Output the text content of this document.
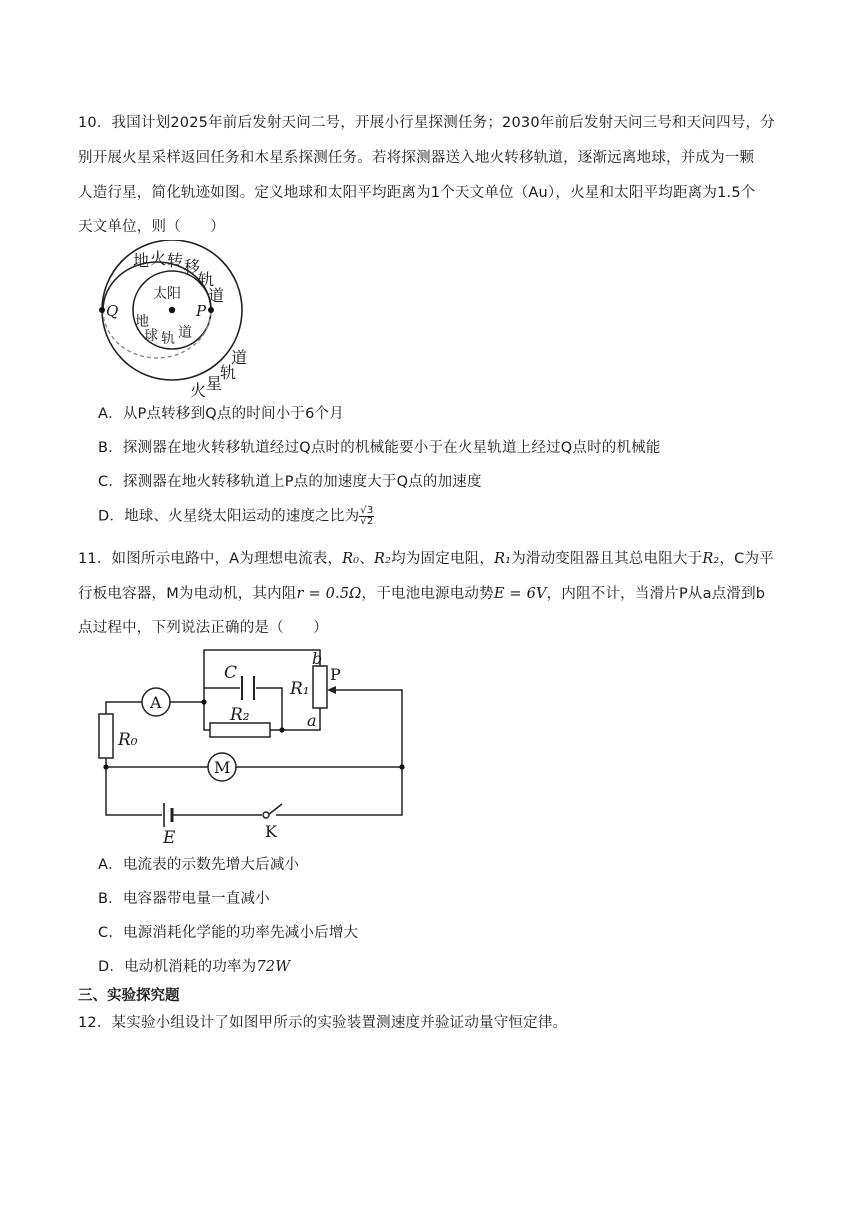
10．我国计划2025年前后发射天问二号，开展小行星探测任务；2030年前后发射天问三号和天问四号，分
别开展火星采样返回任务和木星系探测任务。若将探测器送入地火转移轨道，逐渐远离地球，并成为一颗
人造行星，简化轨迹如图。定义地球和太阳平均距离为1个天文单位（Au），火星和太阳平均距离为1.5个
天文单位，则（　　）
Q	P
太阳
地 火 转 移
轨
道
地
球 轨 道
道
轨
星
火
A．从P点转移到Q点的时间小于6个月
B．探测器在地火转移轨道经过Q点时的机械能要小于在火星轨道上经过Q点时的机械能
C．探测器在地火转移轨道上P点的加速度大于Q点的加速度
D．地球、火星绕太阳运动的速度之比为 $\frac{√3}{√2}$
11．如图所示电路中，A为理想电流表，R₀、R₂均为固定电阻，R₁为滑动变阻器且其总电阻大于R₂，C为平
行板电容器，M为电动机，其内阻r = 0.5Ω，干电池电源电动势E = 6V，内阻不计，当滑片P从a点滑到b
点过程中，下列说法正确的是（　　）
A
M
C
R₂
R₁
R₀
b
a
P
E	K
A．电流表的示数先增大后减小
B．电容器带电量一直减小
C．电源消耗化学能的功率先减小后增大
D．电动机消耗的功率为72W
三、实验探究题
12．某实验小组设计了如图甲所示的实验装置测速度并验证动量守恒定律。
